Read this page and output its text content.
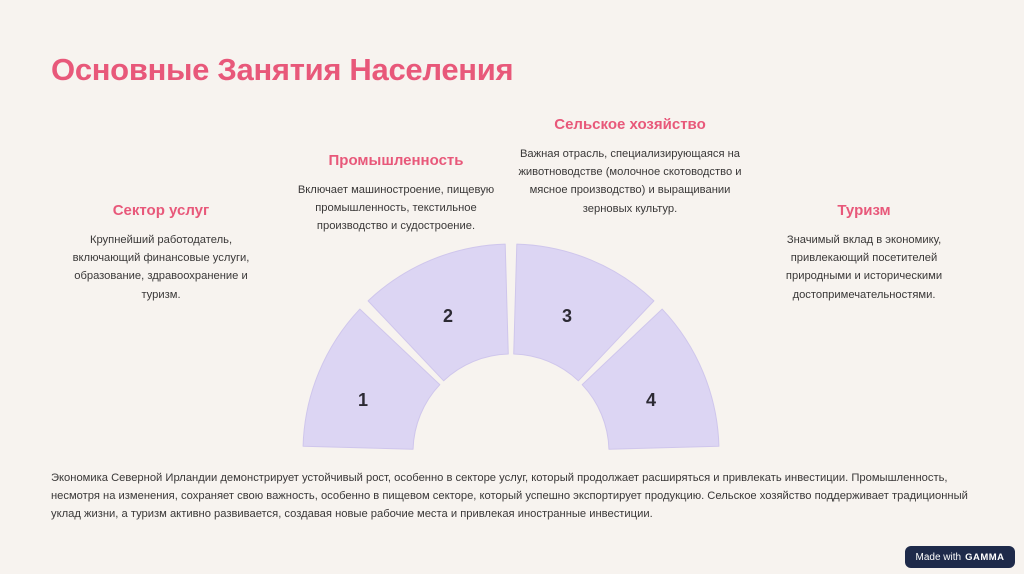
Основные Занятия Населения
Сектор услуг

Крупнейший работодатель, включающий финансовые услуги, образование, здравоохранение и туризм.

Промышленность

Включает машиностроение, пищевую промышленность, текстильное производство и судостроение.

Сельское хозяйство

Важная отрасль, специализирующаяся на животноводстве (молочное скотоводство и мясное производство) и выращивании зерновых культур.	Туризм

Значимый вклад в экономику, привлекающий посетителей природными и историческими достопримечательностями.

1
2	3
4

Экономика Северной Ирландии демонстрирует устойчивый рост, особенно в секторе услуг, который продолжает расширяться и привлекать инвестиции. Промышленность, несмотря на изменения, сохраняет свою важность, особенно в пищевом секторе, который успешно экспортирует продукцию. Сельское хозяйство поддерживает традиционный уклад жизни, а туризм активно развивается, создавая новые рабочие места и привлекая иностранные инвестиции.

Made with GAMMA
